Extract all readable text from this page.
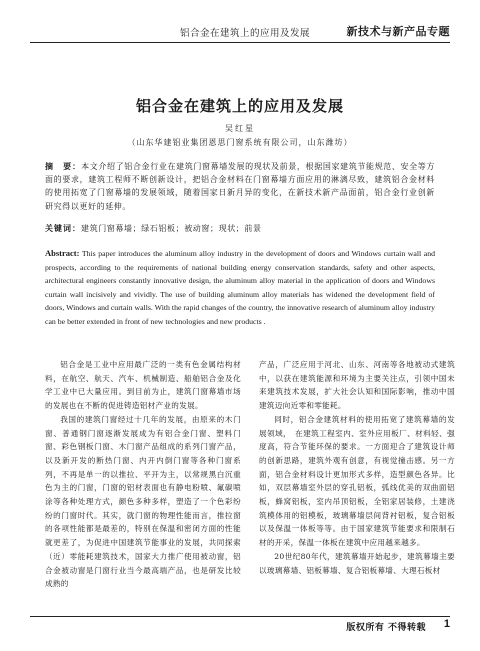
铝合金在建筑上的应用及发展	新技术与新产品专题
铝合金在建筑上的应用及发展
吴红星
（山东华建铝业集团恩思门窗系统有限公司，山东潍坊）
摘　要：本文介绍了铝合金行业在建筑门窗幕墙发展的现状及前景，根据国家建筑节能规范、安全等方面的要求，建筑工程师不断创新设计，把铝合金材料在门窗幕墙方面应用的淋漓尽致，建筑铝合金材料的使用拓宽了门窗幕墙的发展领域，随着国家日新月异的变化，在新技术新产品面前，铝合金行业创新研究得以更好的延伸。
关键词：建筑门窗幕墙；绿石铝板；被动窗；现状；前景
Abstract: This paper introduces the aluminum alloy industry in the development of doors and Windows curtain wall and prospects, according to the requirements of national building energy conservation standards, safety and other aspects, architectural engineers constantly innovative design, the aluminum alloy material in the application of doors and Windows curtain wall incisively and vividly. The use of building aluminum alloy materials has widened the development field of doors, Windows and curtain walls. With the rapid changes of the country, the innovative research of aluminum alloy industry can be better extended in front of new technologies and new products .

铝合金是工业中应用最广泛的一类有色金属结构材料，在航空、航天、汽车、机械制造、船舶铝合金及化学工业中已大量应用。到目前为止，建筑门窗幕墙市场的发展也在不断的促进铸造铝材产业的发展。

我国的建筑门窗经过十几年的发展，由原来的木门窗、普通钢门窗逐渐发展成为有铝合金门窗、塑料门窗、彩色钢板门窗、木门窗产品组成的系列门窗产品，以及新开发的断热门窗、内开内倒门窗等各种门窗系列，不再是单一的以推拉、平开为主，以常规黑白沉重色为主的门窗，门窗的铝材表面也有静电粉喷、氟碳喷涂等各种处理方式，颜色多种多样，塑造了一个色彩纷纷的门窗时代。其实，就门窗的物理性能而言，推拉窗的各项性能都是最差的，特别在保温和密闭方面的性能就更差了，为促进中国建筑节能事业的发展，共同探索（近）零能耗建筑技术，国家大力推广使用被动窗，铝合金被动窗是门窗行业当今最高端产品，也是研发比较成熟的

产品，广泛应用于河北、山东、河南等各地被动式建筑中，以获在建筑能源和环境为主要关注点，引领中国未来建筑技术发展，扩大社会认知和国际影响，推动中国建筑迈向近零和零能耗。

同时，铝合金建筑材料的使用拓宽了建筑幕墙的发展领域，　在建筑工程室内、室外应用板厂、材料轻、强度高，符合节能环保的要求。一方面迎合了建筑设计师的创新思路，建筑外观有创意，有视觉撞击感。另一方面，铝合金材料设计更加形式多样，造型颜色各异。比如，双层幕墙室外层的穿孔铝板，弧线优美的双曲面铝板，蜂窝铝板，室内吊顶铝板，全铝家居装修，土建浇筑模体用的铝模板，玻璃幕墙层间背衬铝板，复合铝板以及保温一体板等等。由于国家建筑节能要求和限制石材的开采，保温一体板在建筑中应用越来越多。

20世纪80年代，建筑幕墙开始起步，建筑幕墙主要以玻璃幕墙、铝板幕墙、复合铝板幕墙、大理石板材

版权所有 不得转载 1
